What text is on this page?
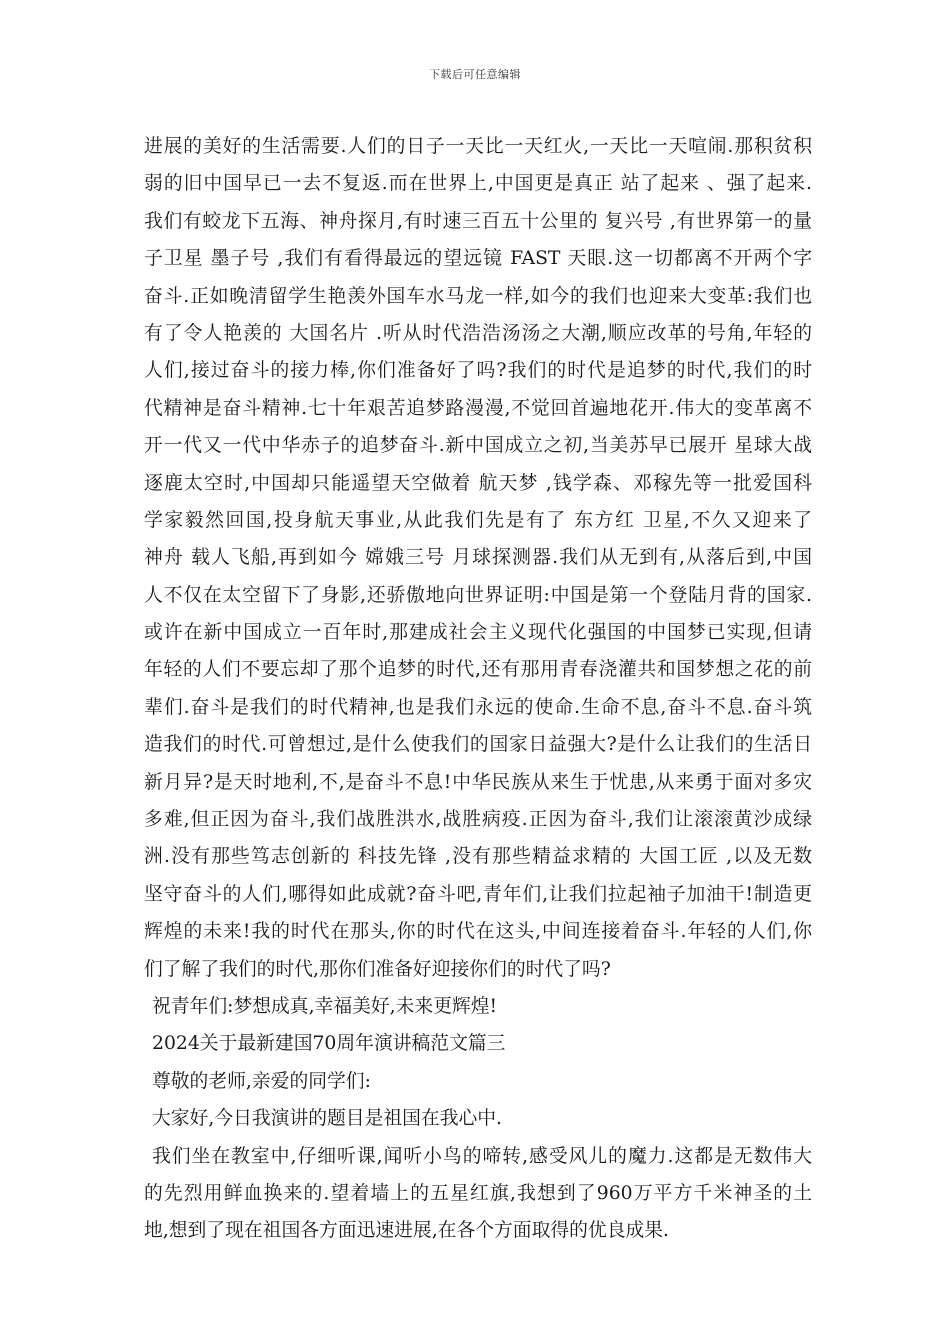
下载后可任意编辑
进展的美好的生活需要.人们的日子一天比一天红火,一天比一天喧闹.那积贫积
弱的旧中国早已一去不复返.而在世界上,中国更是真正 站了起来 、强了起来.
我们有蛟龙下五海、神舟探月,有时速三百五十公里的 复兴号 ,有世界第一的量
子卫星 墨子号 ,我们有看得最远的望远镜 FAST 天眼.这一切都离不开两个字
奋斗.正如晚清留学生艳羡外国车水马龙一样,如今的我们也迎来大变革:我们也
有了令人艳羡的 大国名片 .听从时代浩浩汤汤之大潮,顺应改革的号角,年轻的
人们,接过奋斗的接力棒,你们准备好了吗?我们的时代是追梦的时代,我们的时
代精神是奋斗精神.七十年艰苦追梦路漫漫,不觉回首遍地花开.伟大的变革离不
开一代又一代中华赤子的追梦奋斗.新中国成立之初,当美苏早已展开 星球大战
逐鹿太空时,中国却只能遥望天空做着 航天梦 ,钱学森、邓稼先等一批爱国科
学家毅然回国,投身航天事业,从此我们先是有了 东方红 卫星,不久又迎来了
神舟 载人飞船,再到如今 嫦娥三号 月球探测器.我们从无到有,从落后到,中国
人不仅在太空留下了身影,还骄傲地向世界证明:中国是第一个登陆月背的国家.
或许在新中国成立一百年时,那建成社会主义现代化强国的中国梦已实现,但请
年轻的人们不要忘却了那个追梦的时代,还有那用青春浇灌共和国梦想之花的前
辈们.奋斗是我们的时代精神,也是我们永远的使命.生命不息,奋斗不息.奋斗筑
造我们的时代.可曾想过,是什么使我们的国家日益强大?是什么让我们的生活日
新月异?是天时地利,不,是奋斗不息!中华民族从来生于忧患,从来勇于面对多灾
多难,但正因为奋斗,我们战胜洪水,战胜病疫.正因为奋斗,我们让滚滚黄沙成绿
洲.没有那些笃志创新的 科技先锋 ,没有那些精益求精的 大国工匠 ,以及无数
坚守奋斗的人们,哪得如此成就?奋斗吧,青年们,让我们拉起袖子加油干!制造更
辉煌的未来!我的时代在那头,你的时代在这头,中间连接着奋斗.年轻的人们,你
们了解了我们的时代,那你们准备好迎接你们的时代了吗?
祝青年们:梦想成真,幸福美好,未来更辉煌!
2024关于最新建国70周年演讲稿范文篇三
尊敬的老师,亲爱的同学们:
大家好,今日我演讲的题目是祖国在我心中.
我们坐在教室中,仔细听课,闻听小鸟的啼转,感受风儿的魔力.这都是无数伟大
的先烈用鲜血换来的.望着墙上的五星红旗,我想到了960万平方千米神圣的土
地,想到了现在祖国各方面迅速进展,在各个方面取得的优良成果.
